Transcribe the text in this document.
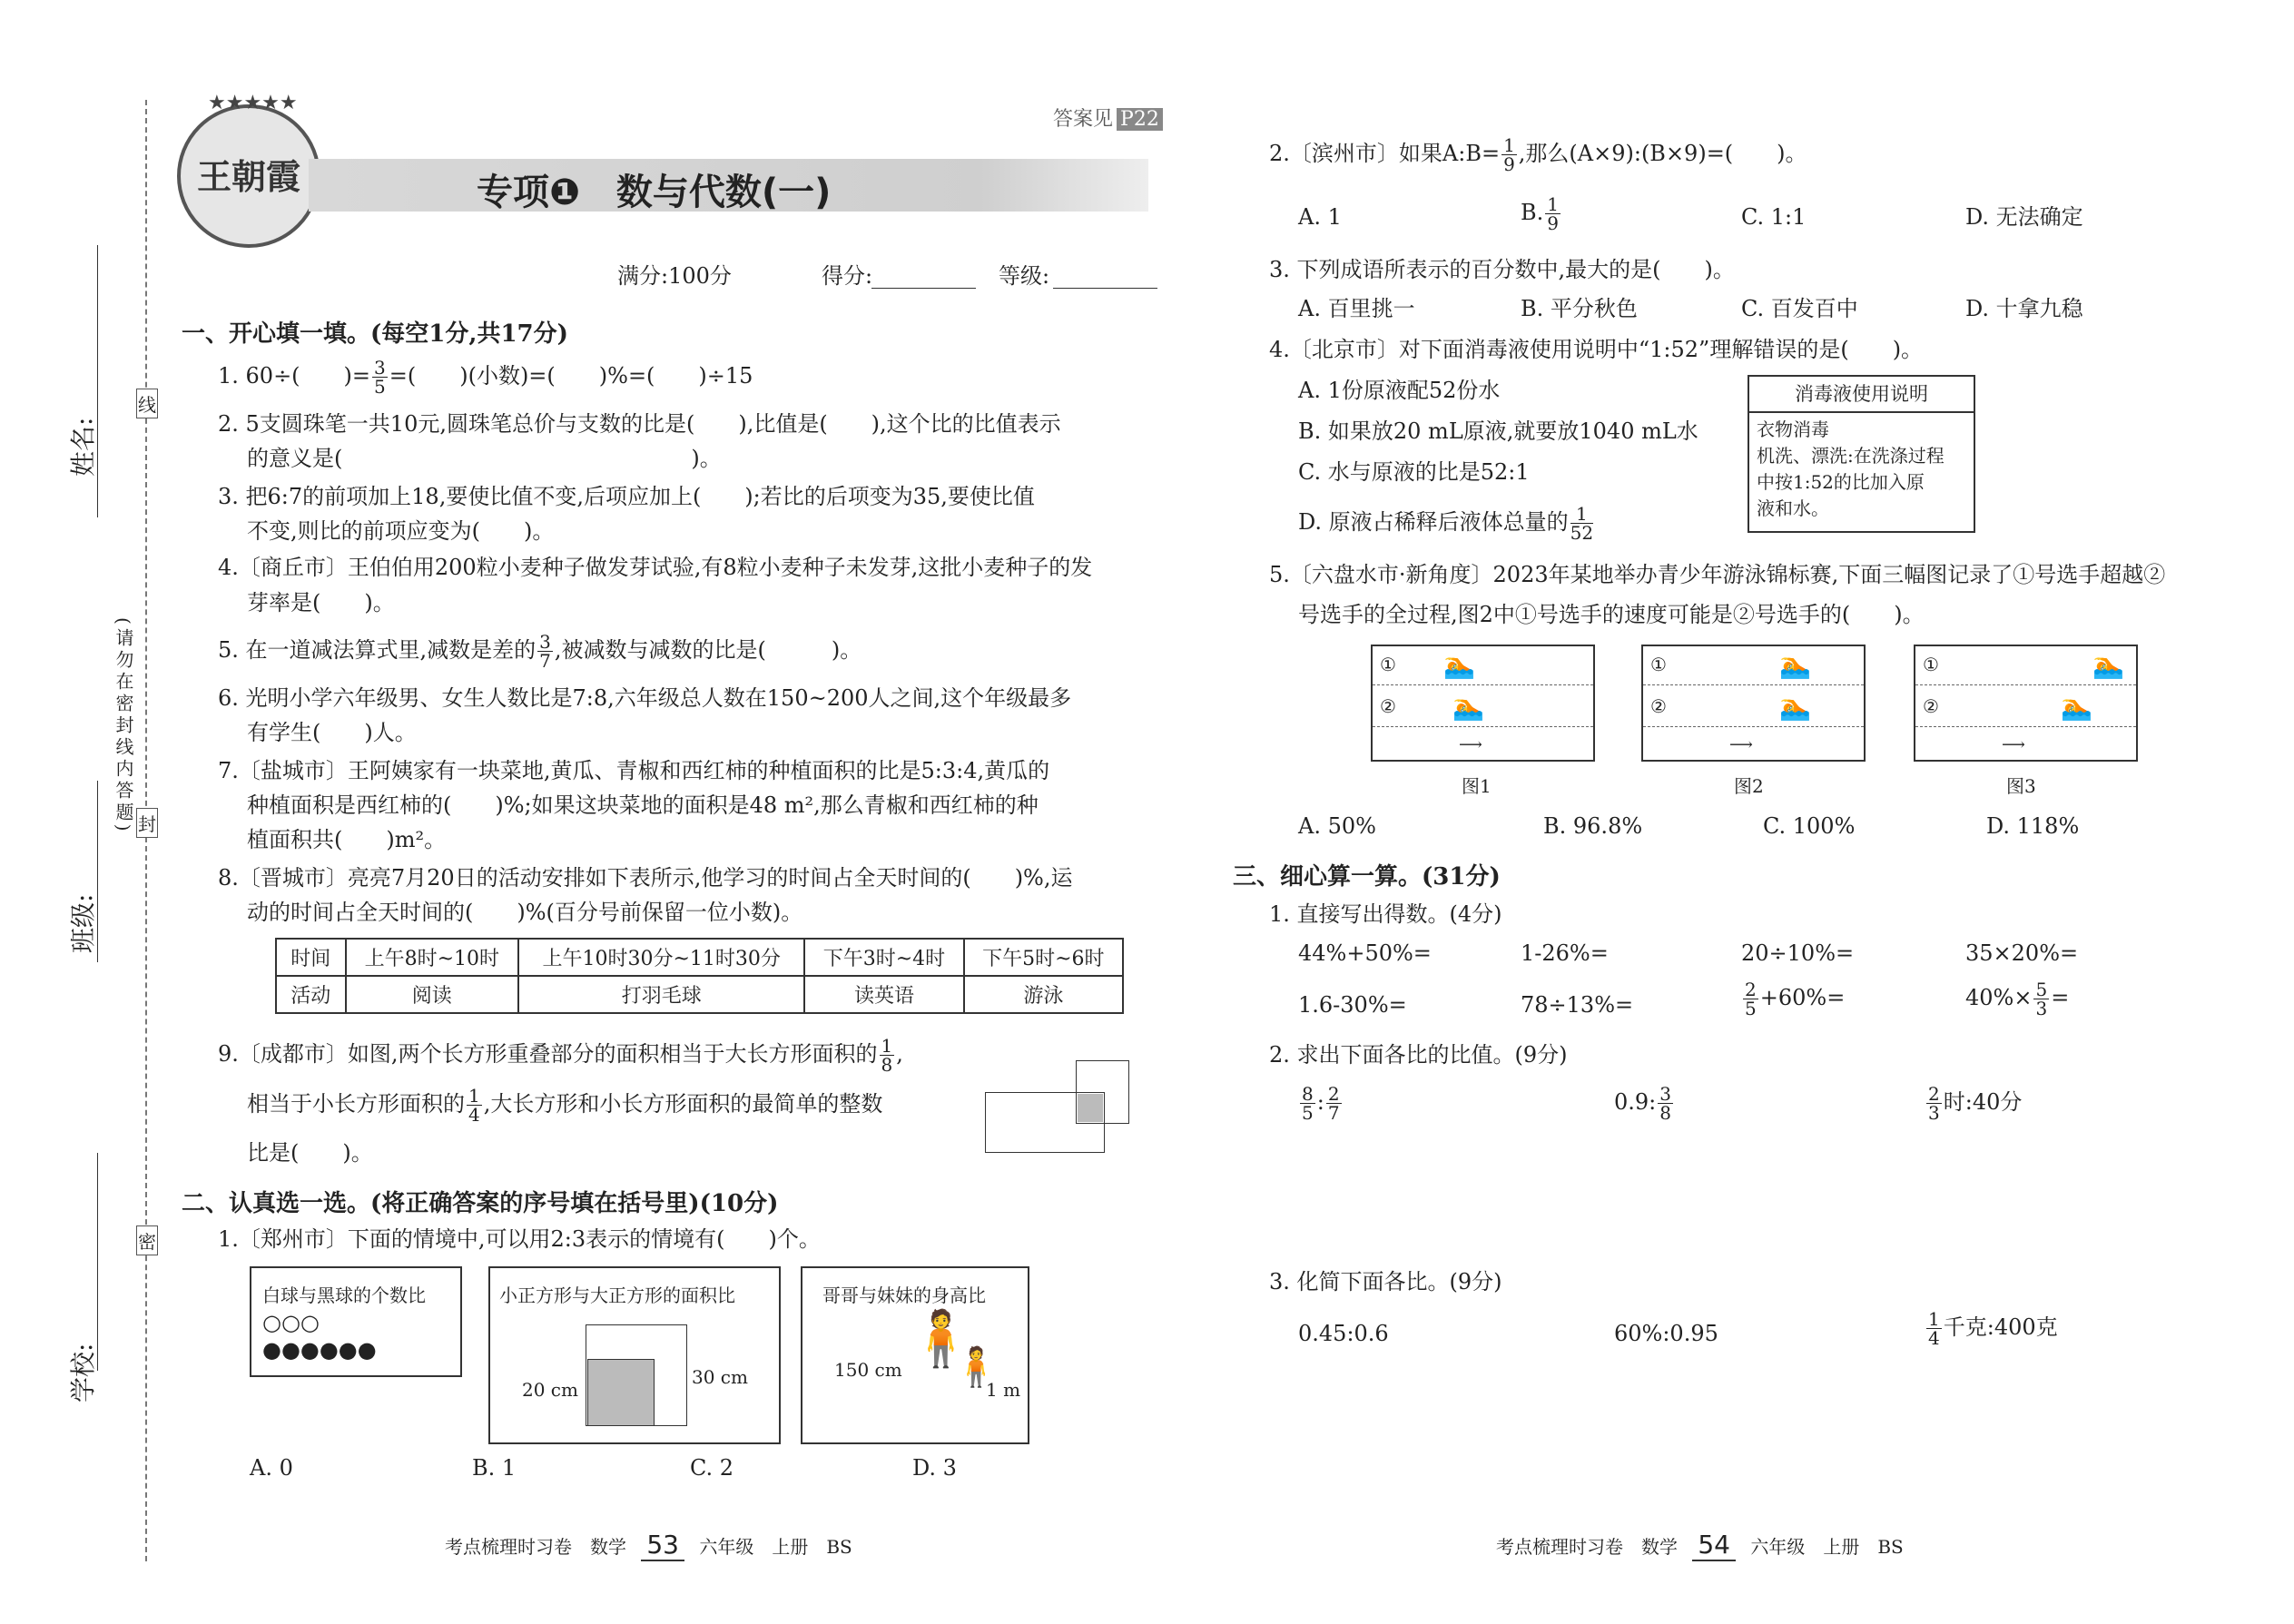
姓名:
班级:
学校:
(请勿在密封线内答题)
线
封
密
王朝霞
★★★★★
专项❶　数与代数(一)
答案见 P22
满分:100分	得分:	等级:
一、开心填一填。(每空1分,共17分)
1. 60÷(　　)= $\frac{3}{5}$ =(　　)(小数)=(　　)%=(　　)÷15
2. 5支圆珠笔一共10元,圆珠笔总价与支数的比是(　　),比值是(　　),这个比的比值表示
的意义是(　　　　　　　　　　　　　　　　)。
3. 把6:7的前项加上18,要使比值不变,后项应加上(　　);若比的后项变为35,要使比值
不变,则比的前项应变为(　　)。
4.〔商丘市〕王伯伯用200粒小麦种子做发芽试验,有8粒小麦种子未发芽,这批小麦种子的发
芽率是(　　)。
5. 在一道减法算式里,减数是差的 $\frac{3}{7}$ ,被减数与减数的比是(　　　)。
6. 光明小学六年级男、女生人数比是7:8,六年级总人数在150~200人之间,这个年级最多
有学生(　　)人。
7.〔盐城市〕王阿姨家有一块菜地,黄瓜、青椒和西红柿的种植面积的比是5:3:4,黄瓜的
种植面积是西红柿的(　　)%;如果这块菜地的面积是48 m²,那么青椒和西红柿的种
植面积共(　　)m²。
8.〔晋城市〕亮亮7月20日的活动安排如下表所示,他学习的时间占全天时间的(　　)%,运
动的时间占全天时间的(　　)%(百分号前保留一位小数)。
时间	上午8时~10时	上午10时30分~11时30分	下午3时~4时	下午5时~6时
活动	阅读	打羽毛球	读英语	游泳
9.〔成都市〕如图,两个长方形重叠部分的面积相当于大长方形面积的 $\frac{1}{8}$ ,
相当于小长方形面积的 $\frac{1}{4}$ ,大长方形和小长方形面积的最简单的整数
比是(　　)。
二、认真选一选。(将正确答案的序号填在括号里)(10分)
1.〔郑州市〕下面的情境中,可以用2:3表示的情境有(　　)个。
白球与黑球的个数比
○○○
●●●●●●
小正方形与大正方形的面积比
20 cm
30 cm
哥哥与妹妹的身高比
🧍
🧍
150 cm
1 m
A. 0	B. 1	C. 2	D. 3
考点梳理时习卷　 数学 53 六年级　 上册　 BS
2.〔滨州市〕如果A:B= $\frac{1}{9}$ ,那么(A×9):(B×9)=(　　)。
A. 1	B. $\frac{1}{9}$	C. 1:1	D. 无法确定
3. 下列成语所表示的百分数中,最大的是(　　)。
A. 百里挑一	B. 平分秋色	C. 百发百中	D. 十拿九稳
4.〔北京市〕对下面消毒液使用说明中“1:52”理解错误的是(　　)。
A. 1份原液配52份水
B. 如果放20 mL原液,就要放1040 mL水
C. 水与原液的比是52:1
D. 原液占稀释后液体总量的 $\frac{1}{52}$
消毒液使用说明
衣物消毒
机洗、漂洗:在洗涤过程
中按1:52的比加入原
液和水。
5.〔六盘水市·新角度〕2023年某地举办青少年游泳锦标赛,下面三幅图记录了①号选手超越②
号选手的全过程,图2中①号选手的速度可能是②号选手的(　　)。
①
②
🏊
🏊
⟶
①
②
🏊
🏊
⟶
①
②
🏊
🏊
⟶
图1	图2	图3
A. 50%	B. 96.8%	C. 100%	D. 118%
三、细心算一算。(31分)
1. 直接写出得数。(4分)
44%+50%=	1-26%=	20÷10%=	35×20%=
1.6-30%=	78÷13%=	$\frac{2}{5} +60\%=$	$40\%\times \frac{5}{3}$ =
2. 求出下面各比的比值。(9分)
$\frac{8}{5}$ : $\frac{2}{7}$	0.9: $\frac{3}{8}$	$\frac{2}{3}$ 时:40分
3. 化简下面各比。(9分)
0.45:0.6	60%:0.95	$\frac{1}{4}$ 千克:400克
考点梳理时习卷　 数学 54 六年级　 上册　 BS
